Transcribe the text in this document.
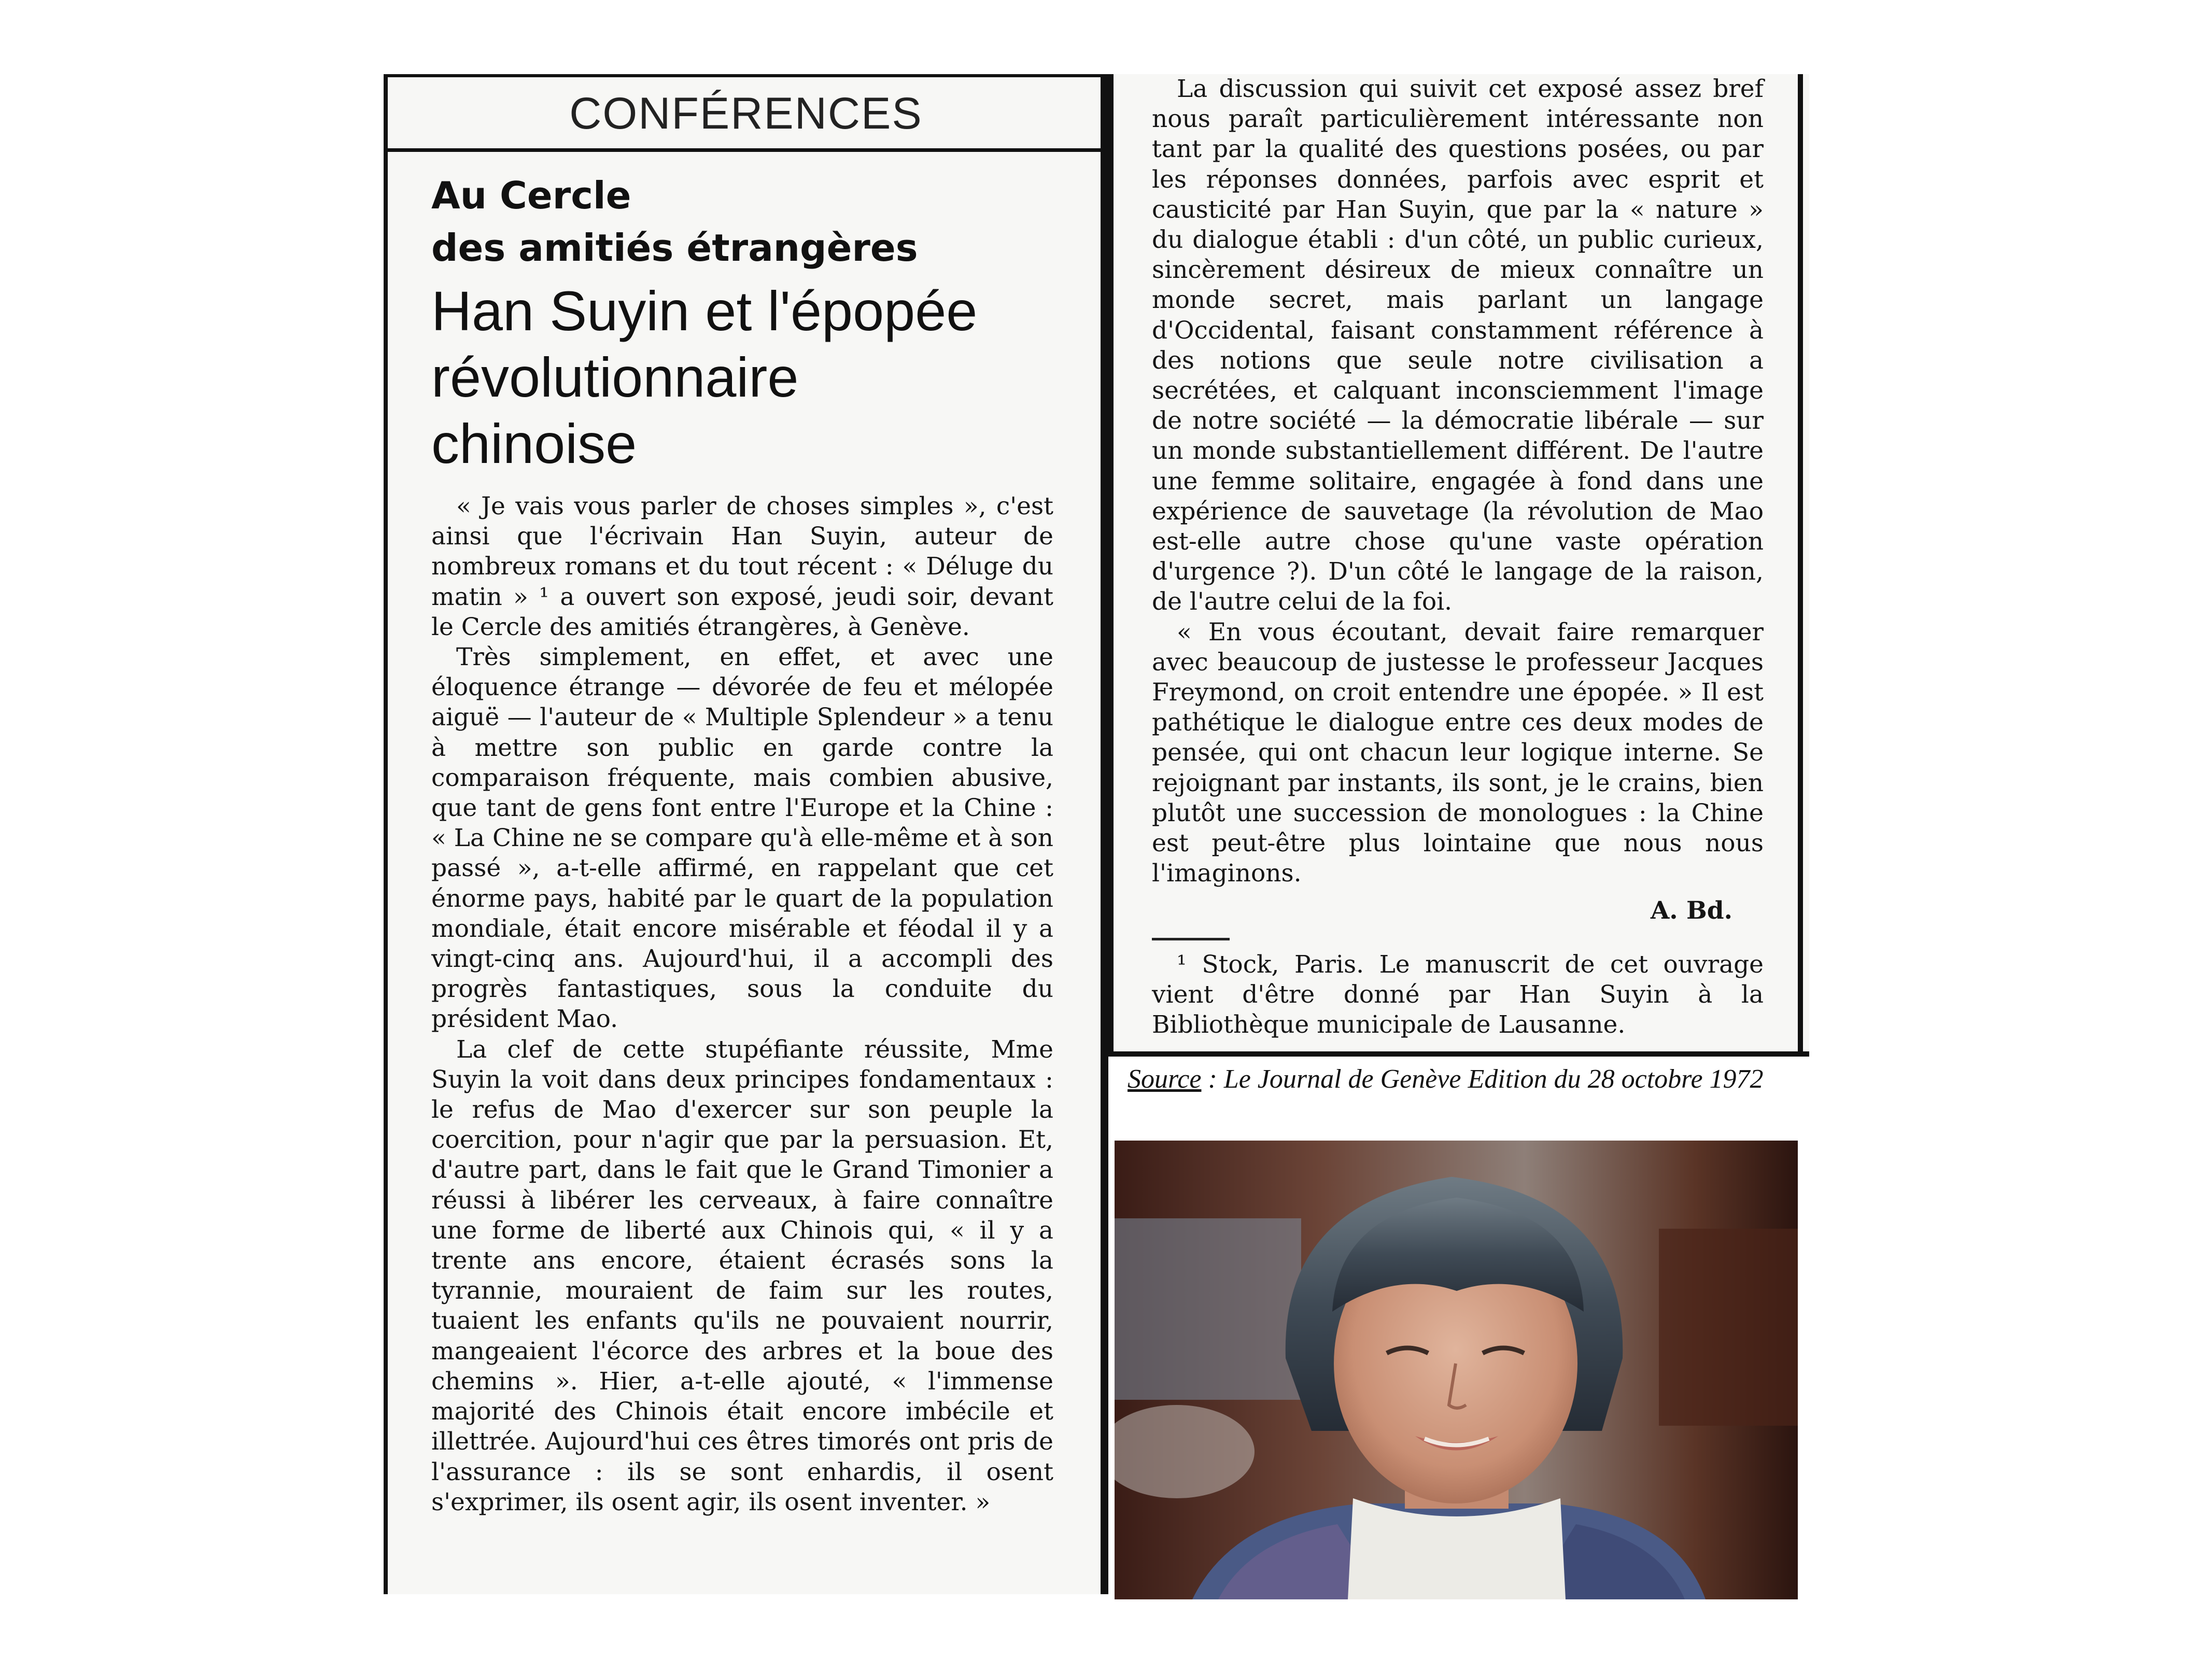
CONFÉRENCES
Au Cercle
des amitiés étrangères
Han Suyin et l'épopée
révolutionnaire
chinoise

« Je vais vous parler de choses simples », c'est ainsi que l'écrivain Han Suyin, auteur de nombreux romans et du tout récent : « Déluge du matin » ¹ a ouvert son exposé, jeudi soir, devant le Cercle des amitiés étrangères, à Genève.

Très simplement, en effet, et avec une éloquence étrange — dévorée de feu et mélopée aiguë — l'auteur de « Multiple Splendeur » a tenu à mettre son public en garde contre la comparaison fréquente, mais combien abusive, que tant de gens font entre l'Europe et la Chine : « La Chine ne se compare qu'à elle-même et à son passé », a-t-elle affirmé, en rappelant que cet énorme pays, habité par le quart de la population mondiale, était encore misérable et féodal il y a vingt-cinq ans. Aujourd'hui, il a accompli des progrès fantastiques, sous la conduite du président Mao.

La clef de cette stupéfiante réussite, Mme Suyin la voit dans deux principes fondamentaux : le refus de Mao d'exercer sur son peuple la coercition, pour n'agir que par la persuasion. Et, d'autre part, dans le fait que le Grand Timonier a réussi à libérer les cerveaux, à faire connaître une forme de liberté aux Chinois qui, « il y a trente ans encore, étaient écrasés sons la tyrannie, mouraient de faim sur les routes, tuaient les enfants qu'ils ne pouvaient nourrir, mangeaient l'écorce des arbres et la boue des chemins ». Hier, a-t-elle ajouté, « l'immense majorité des Chinois était encore imbécile et illettrée. Aujourd'hui ces êtres timorés ont pris de l'assurance : ils se sont enhardis, il osent s'exprimer, ils osent agir, ils osent inventer. »

La discussion qui suivit cet exposé assez bref nous paraît particulièrement intéressante non tant par la qualité des questions posées, ou par les réponses données, parfois avec esprit et causticité par Han Suyin, que par la « nature » du dialogue établi : d'un côté, un public curieux, sincèrement désireux de mieux connaître un monde secret, mais parlant un langage d'Occidental, faisant constamment référence à des notions que seule notre civilisation a secrétées, et calquant inconsciemment l'image de notre société — la démocratie libérale — sur un monde substantiellement différent. De l'autre une femme solitaire, engagée à fond dans une expérience de sauvetage (la révolution de Mao est-elle autre chose qu'une vaste opération d'urgence ?). D'un côté le langage de la raison, de l'autre celui de la foi.

« En vous écoutant, devait faire remarquer avec beaucoup de justesse le professeur Jacques Freymond, on croit entendre une épopée. » Il est pathétique le dialogue entre ces deux modes de pensée, qui ont chacun leur logique interne. Se rejoignant par instants, ils sont, je le crains, bien plutôt une succession de monologues : la Chine est peut-être plus lointaine que nous nous l'imaginons.

A. Bd.

¹ Stock, Paris. Le manuscrit de cet ouvrage vient d'être donné par Han Suyin à la Bibliothèque municipale de Lausanne.

Source : Le Journal de Genève Edition du 28 octobre 1972
